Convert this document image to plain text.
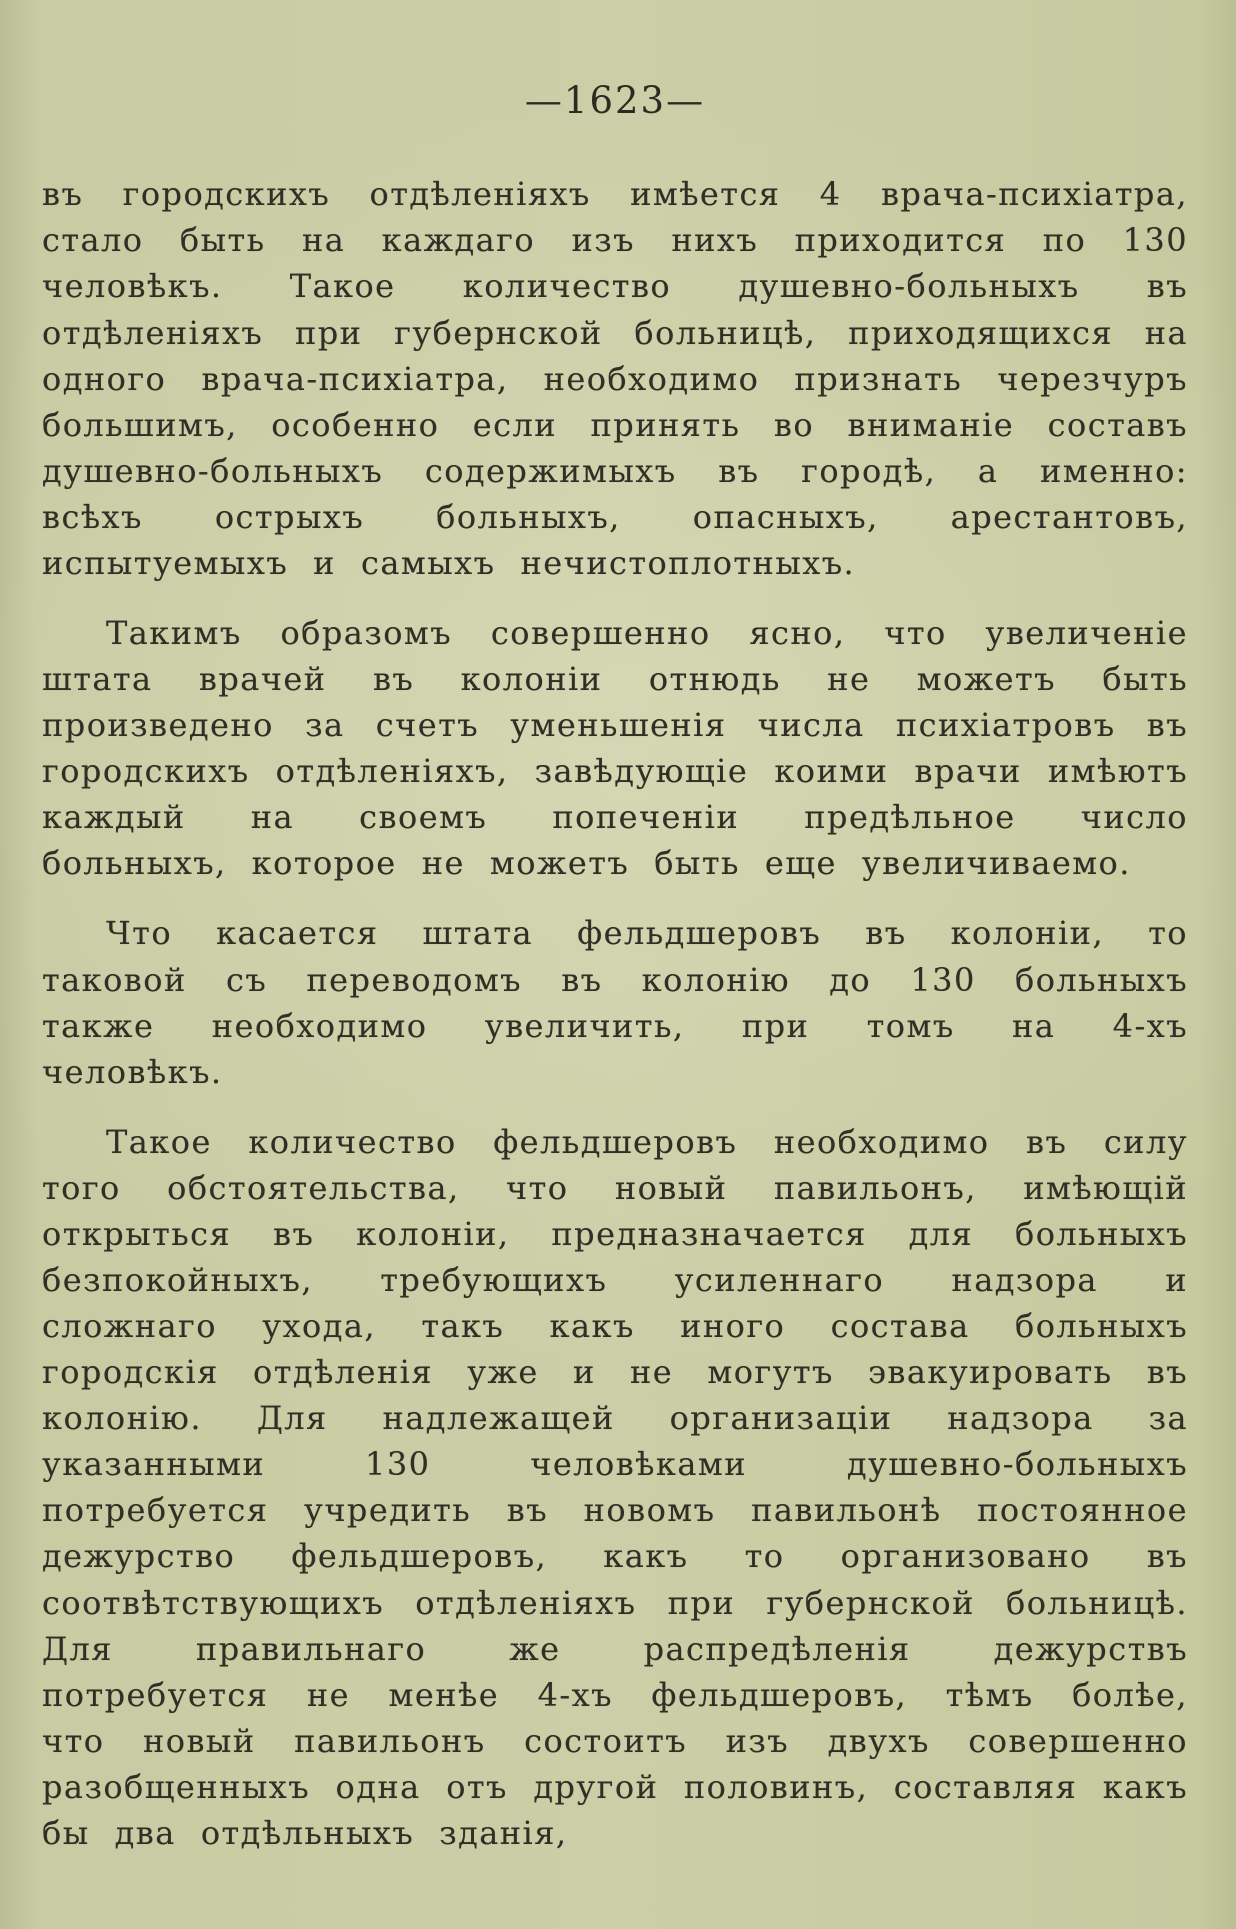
—1623—

въ городскихъ отдѣленіяхъ имѣется 4 врача-психіатра, стало быть на каждаго изъ нихъ приходится по 130 человѣкъ. Такое количество душевно-больныхъ въ отдѣленіяхъ при губернской больницѣ, приходящихся на одного врача-психіатра, необходимо признать черезчуръ большимъ, особенно если принять во вниманіе составъ душевно-больныхъ содержимыхъ въ городѣ, а именно: всѣхъ острыхъ больныхъ, опасныхъ, арестантовъ, испытуемыхъ и самыхъ нечистоплотныхъ.

Такимъ образомъ совершенно ясно, что увеличеніе штата врачей въ колоніи отнюдь не можетъ быть произведено за счетъ уменьшенія числа психіатровъ въ городскихъ отдѣленіяхъ, завѣдующіе коими врачи имѣютъ каждый на своемъ попеченіи предѣльное число больныхъ, которое не можетъ быть еще увеличиваемо.

Что касается штата фельдшеровъ въ колоніи, то таковой съ переводомъ въ колонію до 130 больныхъ также необходимо увеличить, при томъ на 4-хъ человѣкъ.

Такое количество фельдшеровъ необходимо въ силу того обстоятельства, что новый павильонъ, имѣющій открыться въ колоніи, предназначается для больныхъ безпокойныхъ, требующихъ усиленнаго надзора и сложнаго ухода, такъ какъ иного состава больныхъ городскія отдѣленія уже и не могутъ эвакуировать въ колонію. Для надлежащей организаціи надзора за указанными 130 человѣками душевно-больныхъ потребуется учредить въ новомъ павильонѣ постоянное дежурство фельдшеровъ, какъ то организовано въ соотвѣтствующихъ отдѣленіяхъ при губернской больницѣ. Для правильнаго же распредѣленія дежурствъ потребуется не менѣе 4-хъ фельдшеровъ, тѣмъ болѣе, что новый павильонъ состоитъ изъ двухъ совершенно разобщенныхъ одна отъ другой половинъ, составляя какъ бы два отдѣльныхъ зданія,
